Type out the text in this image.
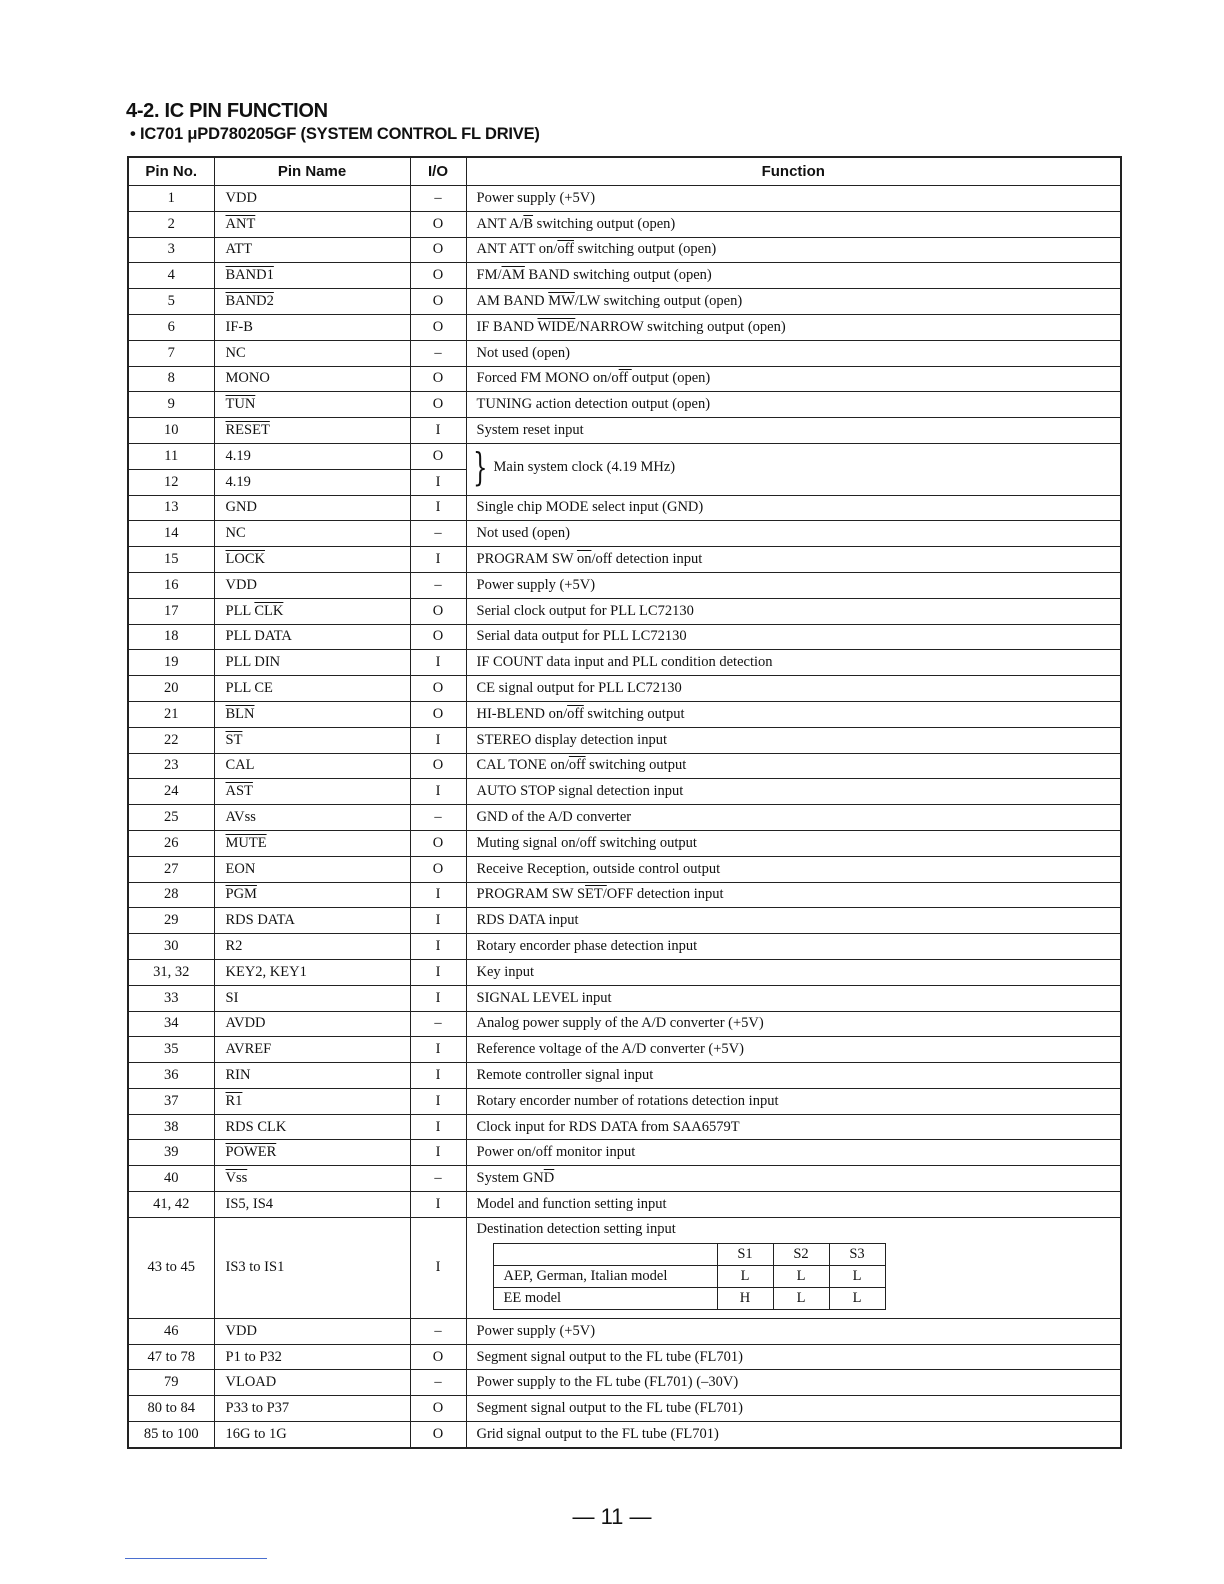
4-2. IC PIN FUNCTION
• IC701 μPD780205GF (SYSTEM CONTROL FL DRIVE)
Pin No.	Pin Name	I/O	Function
1	VDD	–	Power supply (+5V)
2	$\overline{ANT}$	O	ANT $A/\overline{B}$ switching output (open)
3	ATT	O	ANT ATT $on/\overline{off}$ switching output (open)
4	BAND1	O	$FM/\overline{AM}$ BAND switching output (open)
5	BAND2	O	AM BAND $\overline{MW}/LW$ switching output (open)
6	IF-B	O	IF BAND WIDE/NARROW switching output (open)
7	NC	–	Not used (open)
8	MONO	O	Forced FM MONO on/off output (open)
9	$\overline{TUN}$	O	TUNING action detection output (open)
10	RESET	I	System reset input
11	4.19	O	} Main system clock (4.19 MHz)

12	4.19	I
13	GND	I	Single chip MODE select input (GND)
14	NC	–	Not used (open)
15	LOCK	I	PROGRAM SW $\overline{on}$/off detection input
16	VDD	–	Power supply (+5V)
17	PLL $\overline{CLK}$	O	Serial clock output for PLL LC72130
18	PLL DATA	O	Serial data output for PLL LC72130
19	PLL DIN	I	IF COUNT data input and PLL condition detection
20	PLL CE	O	CE signal output for PLL LC72130
21	$\overline{BLN}$	O	HI-BLEND $on/\overline{off}$ switching output
22	$\overline{ST}$	I	STEREO display detection input
23	CAL	O	CAL TONE $on/\overline{off}$ switching output
24	$\overline{AST}$	I	AUTO STOP signal detection input
25	AVss	–	GND of the A/D converter
26	MUTE	O	Muting signal on/off switching output
27	EON	O	Receive Reception, outside control output
28	$\overline{PGM}$	I	PROGRAM SW SET/OFF detection input
29	RDS DATA	I	RDS DATA input
30	R2	I	Rotary encorder phase detection input
31, 32	KEY2, KEY1	I	Key input
33	SI	I	SIGNAL LEVEL input
34	AVDD	–	Analog power supply of the A/D converter (+5V)
35	AVREF	I	Reference voltage of the A/D converter (+5V)
36	RIN	I	Remote controller signal input
37	R1	I	Rotary encorder number of rotations detection input
38	RDS CLK	I	Clock input for RDS DATA from SAA6579T
39	POWER	I	Power on/off monitor input
40	$\overline{Vss}$	–	System $GN\overline{D}$
41, 42	IS5, IS4	I	Model and function setting input
43 to 45	IS3 to IS1	I	
Destination detection setting input
	S1	S2	S3
AEP, German, Italian model	L	L	L
EE model	H	L	L

46	VDD	–	Power supply (+5V)
47 to 78	P1 to P32	O	Segment signal output to the FL tube (FL701)
79	VLOAD	–	Power supply to the FL tube (FL701) (–30V)
80 to 84	P33 to P37	O	Segment signal output to the FL tube (FL701)
85 to 100	16G to 1G	O	Grid signal output to the FL tube (FL701)
— 11 —
